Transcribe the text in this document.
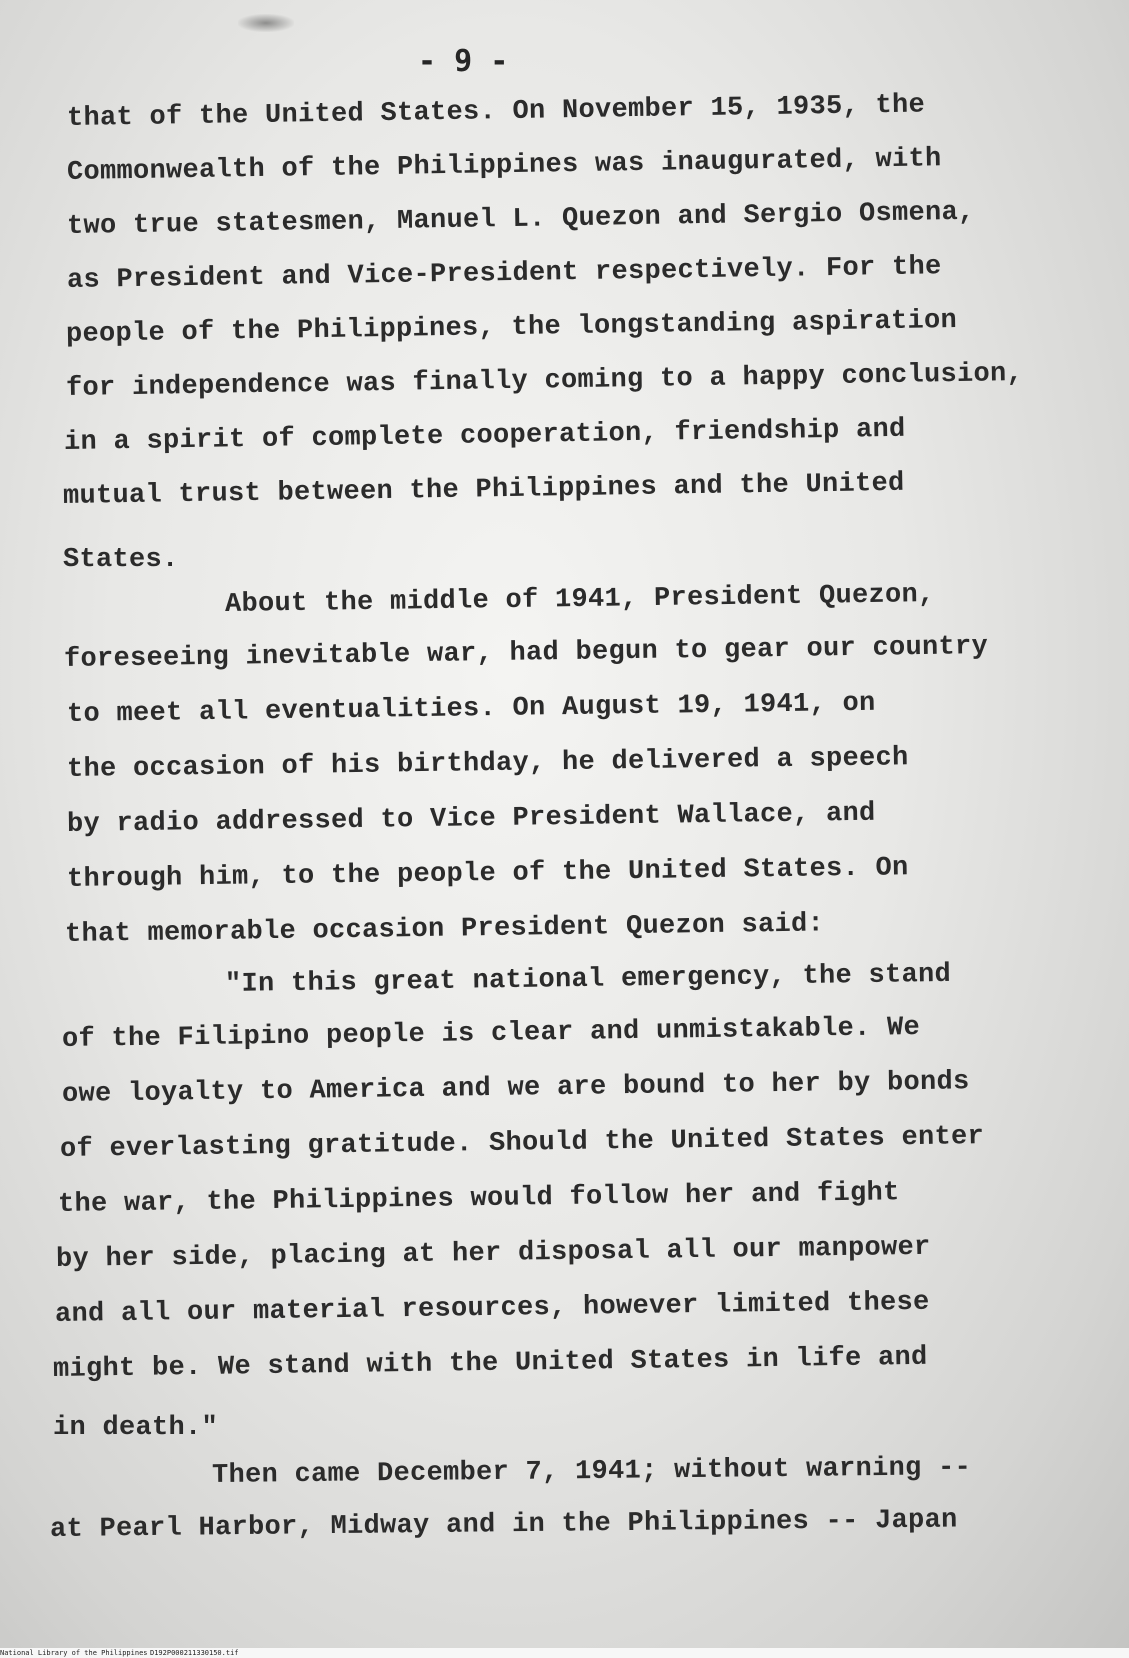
- 9 -
that of the United States. On November 15, 1935, the
Commonwealth of the Philippines was inaugurated, with
two true statesmen, Manuel L. Quezon and Sergio Osmena,
as President and Vice-President respectively. For the
people of the Philippines, the longstanding aspiration
for independence was finally coming to a happy conclusion,
in a spirit of complete cooperation, friendship and
mutual trust between the Philippines and the United
States.
About the middle of 1941, President Quezon,
foreseeing inevitable war, had begun to gear our country
to meet all eventualities. On August 19, 1941, on
the occasion of his birthday, he delivered a speech
by radio addressed to Vice President Wallace, and
through him, to the people of the United States. On
that memorable occasion President Quezon said:
"In this great national emergency, the stand
of the Filipino people is clear and unmistakable. We
owe loyalty to America and we are bound to her by bonds
of everlasting gratitude. Should the United States enter
the war, the Philippines would follow her and fight
by her side, placing at her disposal all our manpower
and all our material resources, however limited these
might be. We stand with the United States in life and
in death."
Then came December 7, 1941; without warning --
at Pearl Harbor, Midway and in the Philippines -- Japan
National Library of the Philippines D192P000211330150.tif
